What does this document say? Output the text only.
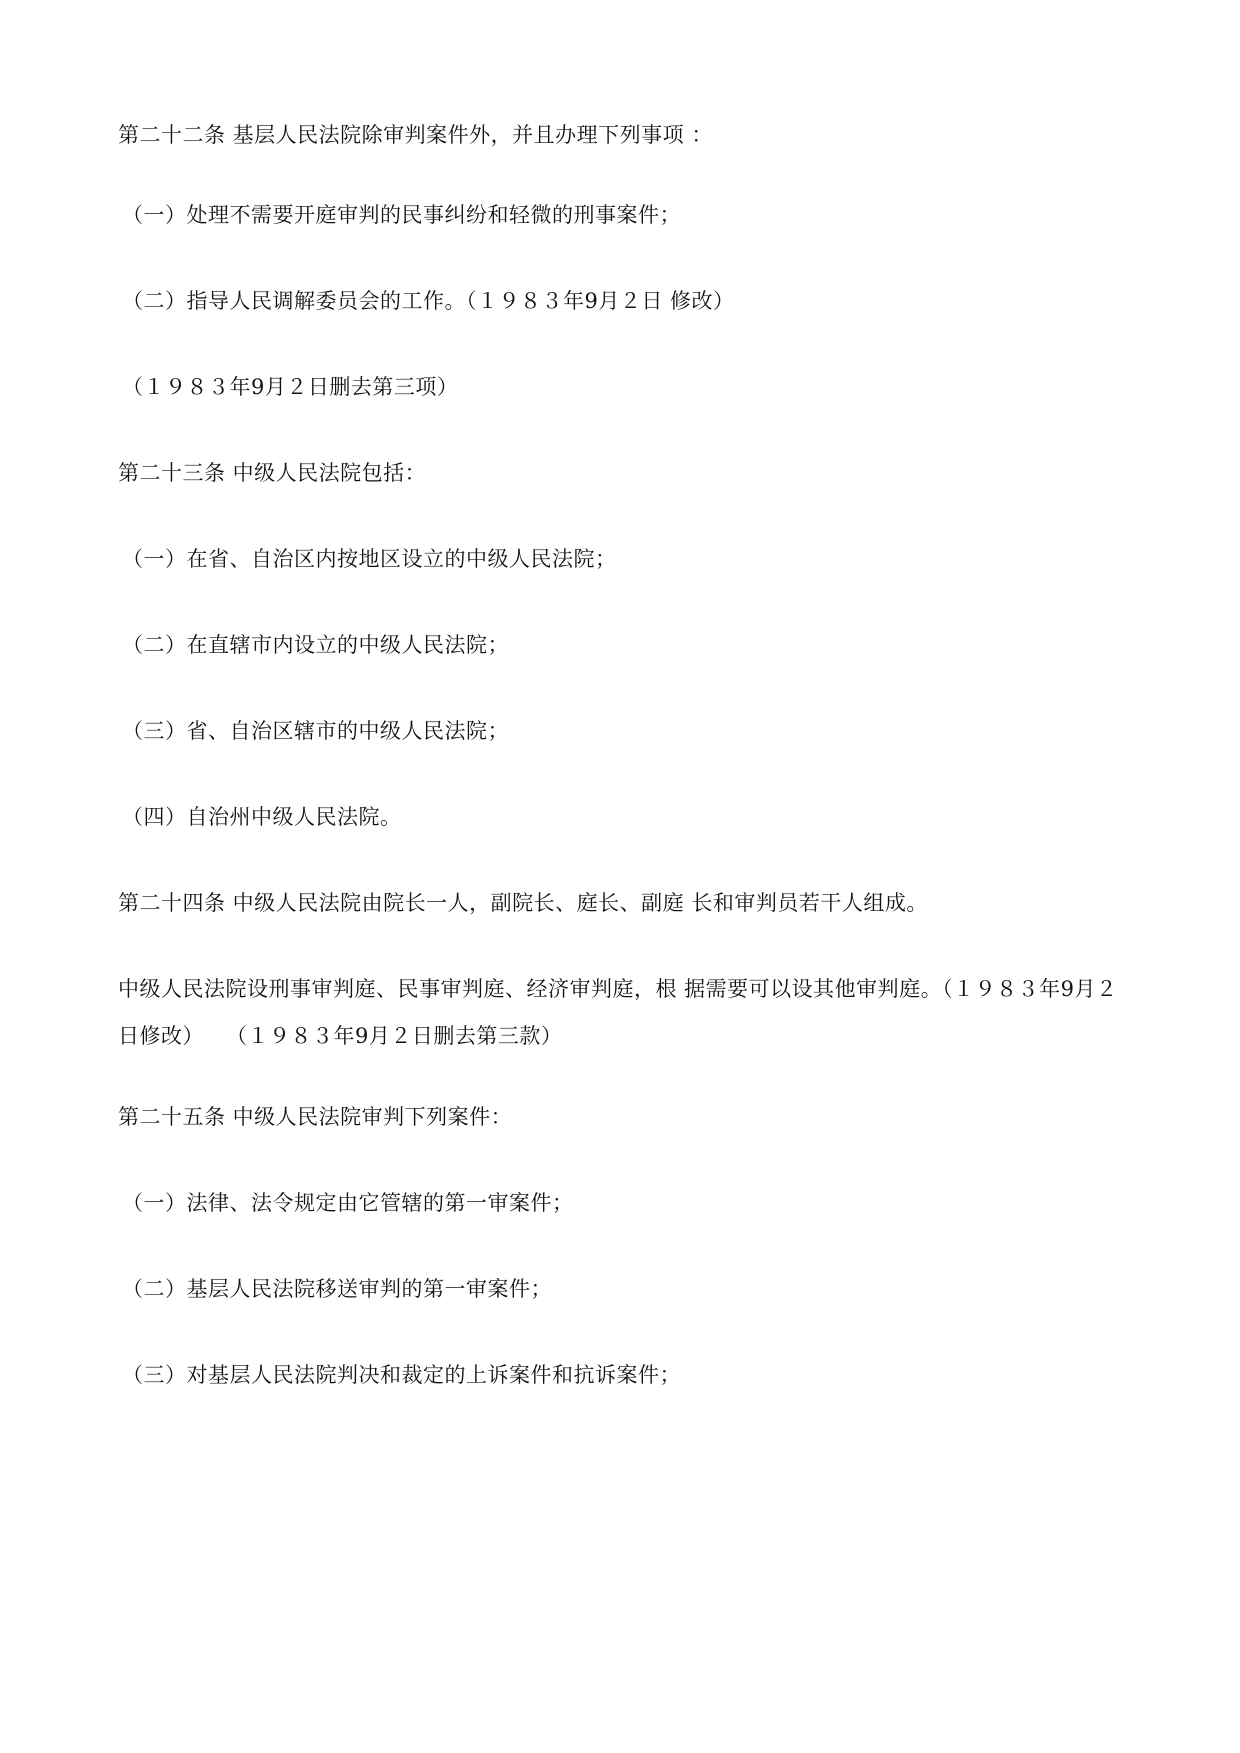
第二十二条 基层人民法院除审判案件外，并且办理下列事项 ：

（一）处理不需要开庭审判的民事纠纷和轻微的刑事案件；

（二）指导人民调解委员会的工作。（１９８３年9月２日 修改）

（１９８３年9月２日删去第三项）

第二十三条 中级人民法院包括：

（一）在省、自治区内按地区设立的中级人民法院；

（二）在直辖市内设立的中级人民法院；

（三）省、自治区辖市的中级人民法院；

（四）自治州中级人民法院。

第二十四条 中级人民法院由院长一人，副院长、庭长、副庭 长和审判员若干人组成。

中级人民法院设刑事审判庭、民事审判庭、经济审判庭，根 据需要可以设其他审判庭。（１９８３年9月２日修改）　　（１９８３年9月２日删去第三款）

第二十五条 中级人民法院审判下列案件：

（一）法律、法令规定由它管辖的第一审案件；

（二）基层人民法院移送审判的第一审案件；

（三）对基层人民法院判决和裁定的上诉案件和抗诉案件；
